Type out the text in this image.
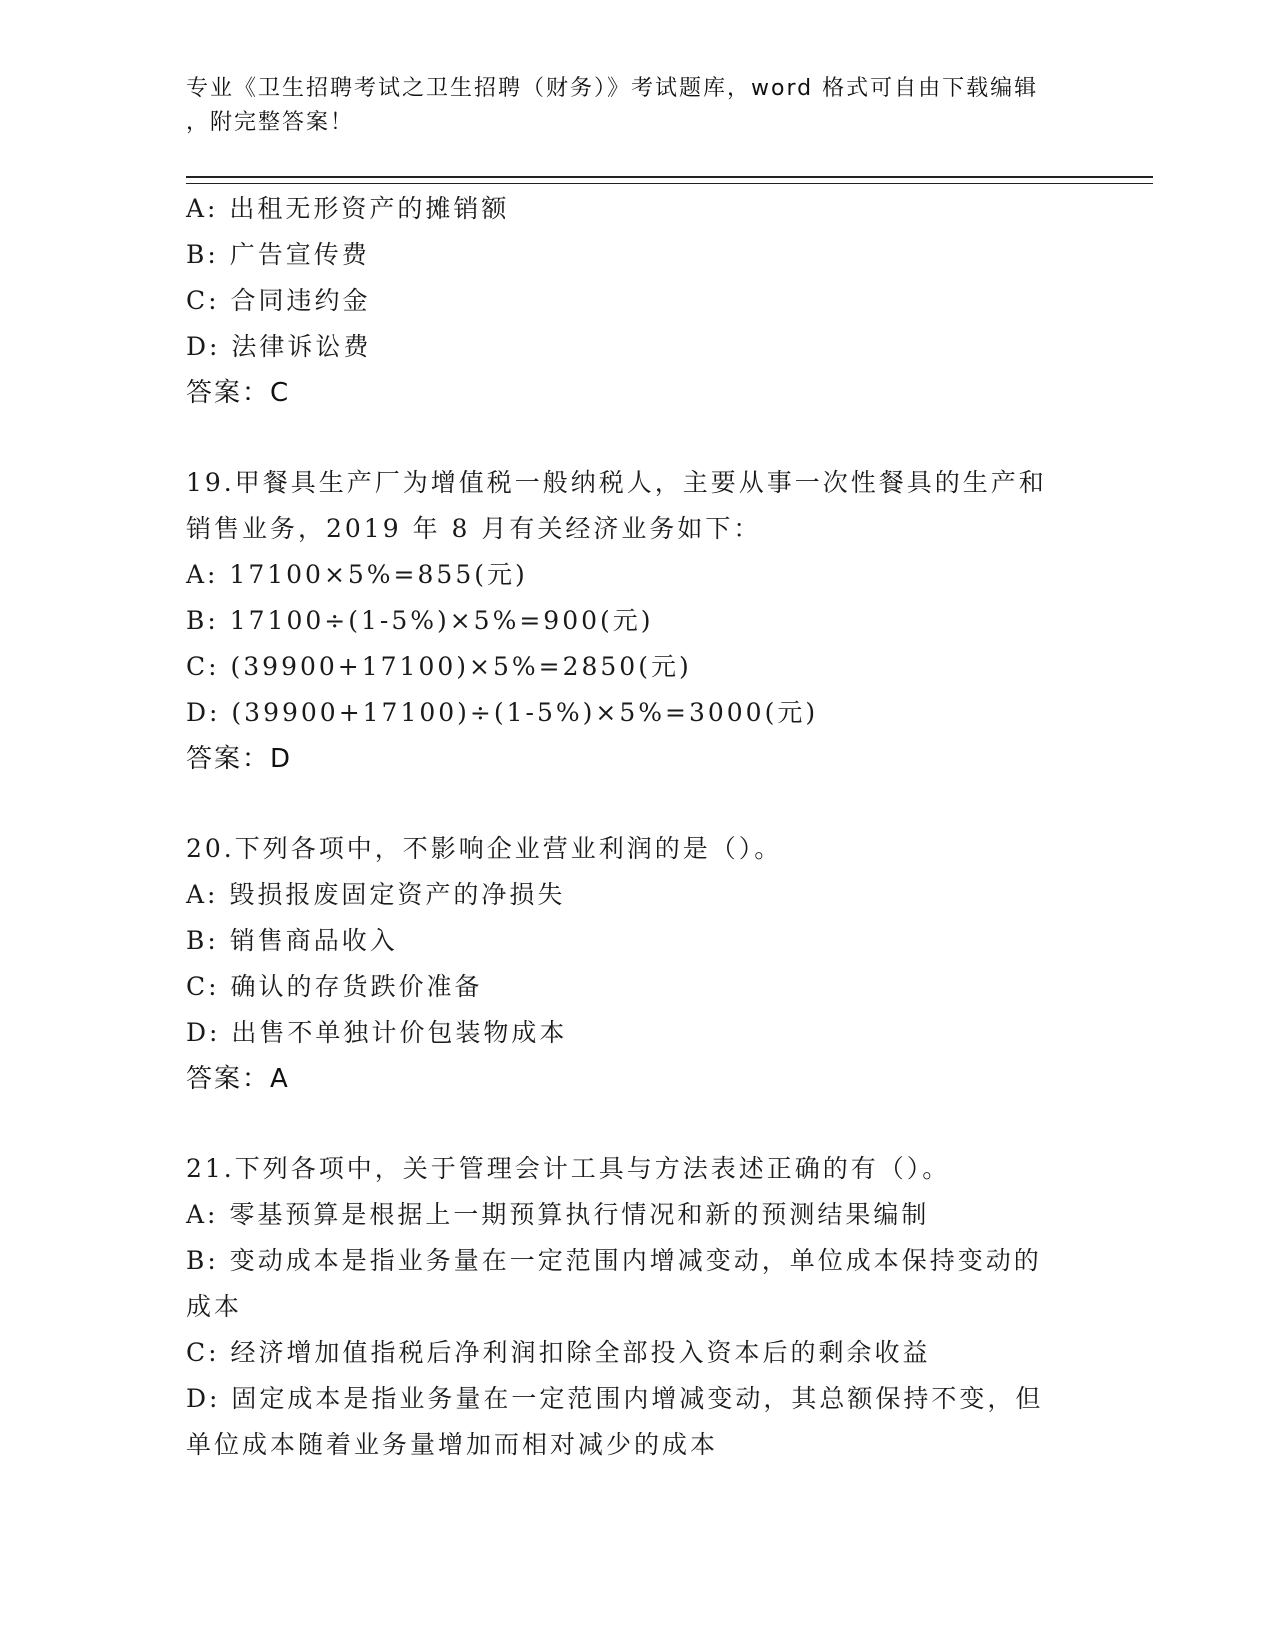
专业《卫生招聘考试之卫生招聘（财务）》考试题库，word 格式可自由下载编辑
，附完整答案！
A: 出租无形资产的摊销额
B: 广告宣传费
C: 合同违约金
D: 法律诉讼费
答案：C
19.甲餐具生产厂为增值税一般纳税人，主要从事一次性餐具的生产和
销售业务，2019 年 8 月有关经济业务如下：
A: 17100×5%=855(元)
B: 17100÷(1-5%)×5%=900(元)
C: (39900+17100)×5%=2850(元)
D: (39900+17100)÷(1-5%)×5%=3000(元)
答案：D
20.下列各项中，不影响企业营业利润的是（）。
A: 毁损报废固定资产的净损失
B: 销售商品收入
C: 确认的存货跌价准备
D: 出售不单独计价包装物成本
答案：A
21.下列各项中，关于管理会计工具与方法表述正确的有（）。
A: 零基预算是根据上一期预算执行情况和新的预测结果编制
B: 变动成本是指业务量在一定范围内增减变动，单位成本保持变动的
成本
C: 经济增加值指税后净利润扣除全部投入资本后的剩余收益
D: 固定成本是指业务量在一定范围内增减变动，其总额保持不变，但
单位成本随着业务量增加而相对减少的成本
